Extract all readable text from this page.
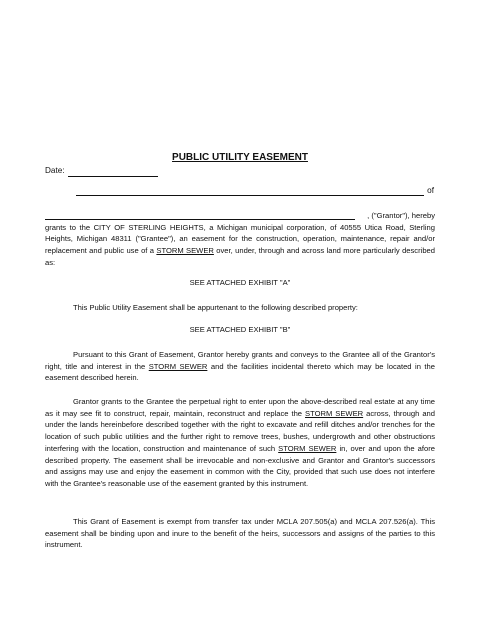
PUBLIC UTILITY EASEMENT
Date:
of
, ("Grantor"), hereby
grants to the CITY OF STERLING HEIGHTS, a Michigan municipal corporation, of 40555 Utica Road, Sterling Heights, Michigan 48311 ("Grantee"), an easement for the construction, operation, maintenance, repair and/or replacement and public use of a STORM SEWER over, under, through and across land more particularly described as:
SEE ATTACHED EXHIBIT "A"
This Public Utility Easement shall be appurtenant to the following described property:
SEE ATTACHED EXHIBIT "B"
Pursuant to this Grant of Easement, Grantor hereby grants and conveys to the Grantee all of the Grantor's right, title and interest in the STORM SEWER and the facilities incidental thereto which may be located in the easement described herein.
Grantor grants to the Grantee the perpetual right to enter upon the above-described real estate at any time as it may see fit to construct, repair, maintain, reconstruct and replace the STORM SEWER across, through and under the lands hereinbefore described together with the right to excavate and refill ditches and/or trenches for the location of such public utilities and the further right to remove trees, bushes, undergrowth and other obstructions interfering with the location, construction and maintenance of such STORM SEWER in, over and upon the afore described property. The easement shall be irrevocable and non-exclusive and Grantor and Grantor's successors and assigns may use and enjoy the easement in common with the City, provided that such use does not interfere with the Grantee's reasonable use of the easement granted by this instrument.
This Grant of Easement is exempt from transfer tax under MCLA 207.505(a) and MCLA 207.526(a). This easement shall be binding upon and inure to the benefit of the heirs, successors and assigns of the parties to this instrument.
